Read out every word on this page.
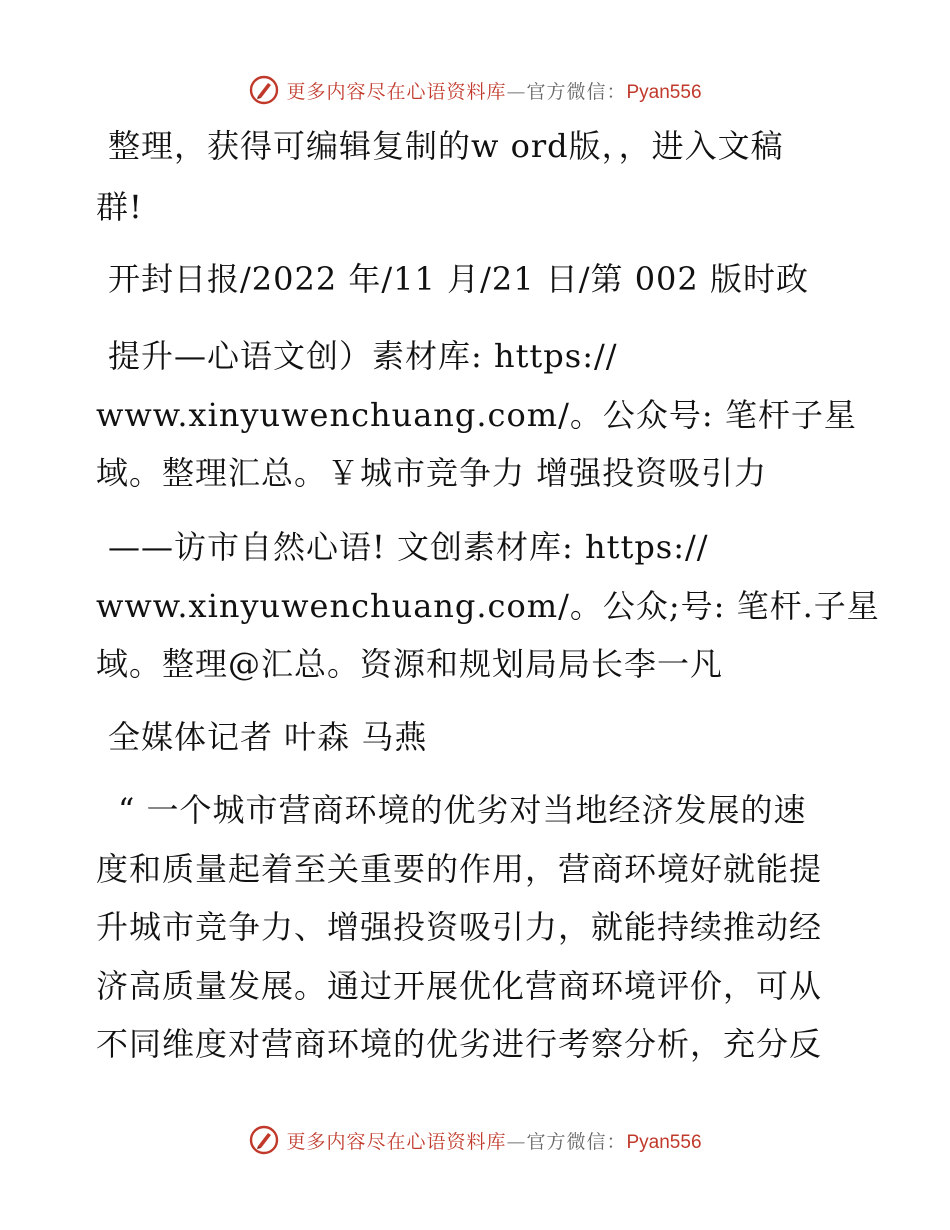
更多内容尽在心语资料库—官方微信：Pyan556
整理，获得可编辑复制的w ord版，，进入文稿
群!
开封日报/2022 年/11 月/21 日/第 002 版时政
提升—心语文创）素材库: https://
www.xinyuwenchuang.com/。公众号: 笔杆子星
域。整理汇总。￥城市竞争力 增强投资吸引力
——访市自然心语! 文创素材库: https://
www.xinyuwenchuang.com/。公众;号: 笔杆.子星
域。整理@汇总。资源和规划局局长李一凡
全媒体记者 叶森 马燕
“ 一个城市营商环境的优劣对当地经济发展的速
度和质量起着至关重要的作用，营商环境好就能提
升城市竞争力、增强投资吸引力，就能持续推动经
济高质量发展。通过开展优化营商环境评价，可从
不同维度对营商环境的优劣进行考察分析，充分反
更多内容尽在心语资料库—官方微信：Pyan556
